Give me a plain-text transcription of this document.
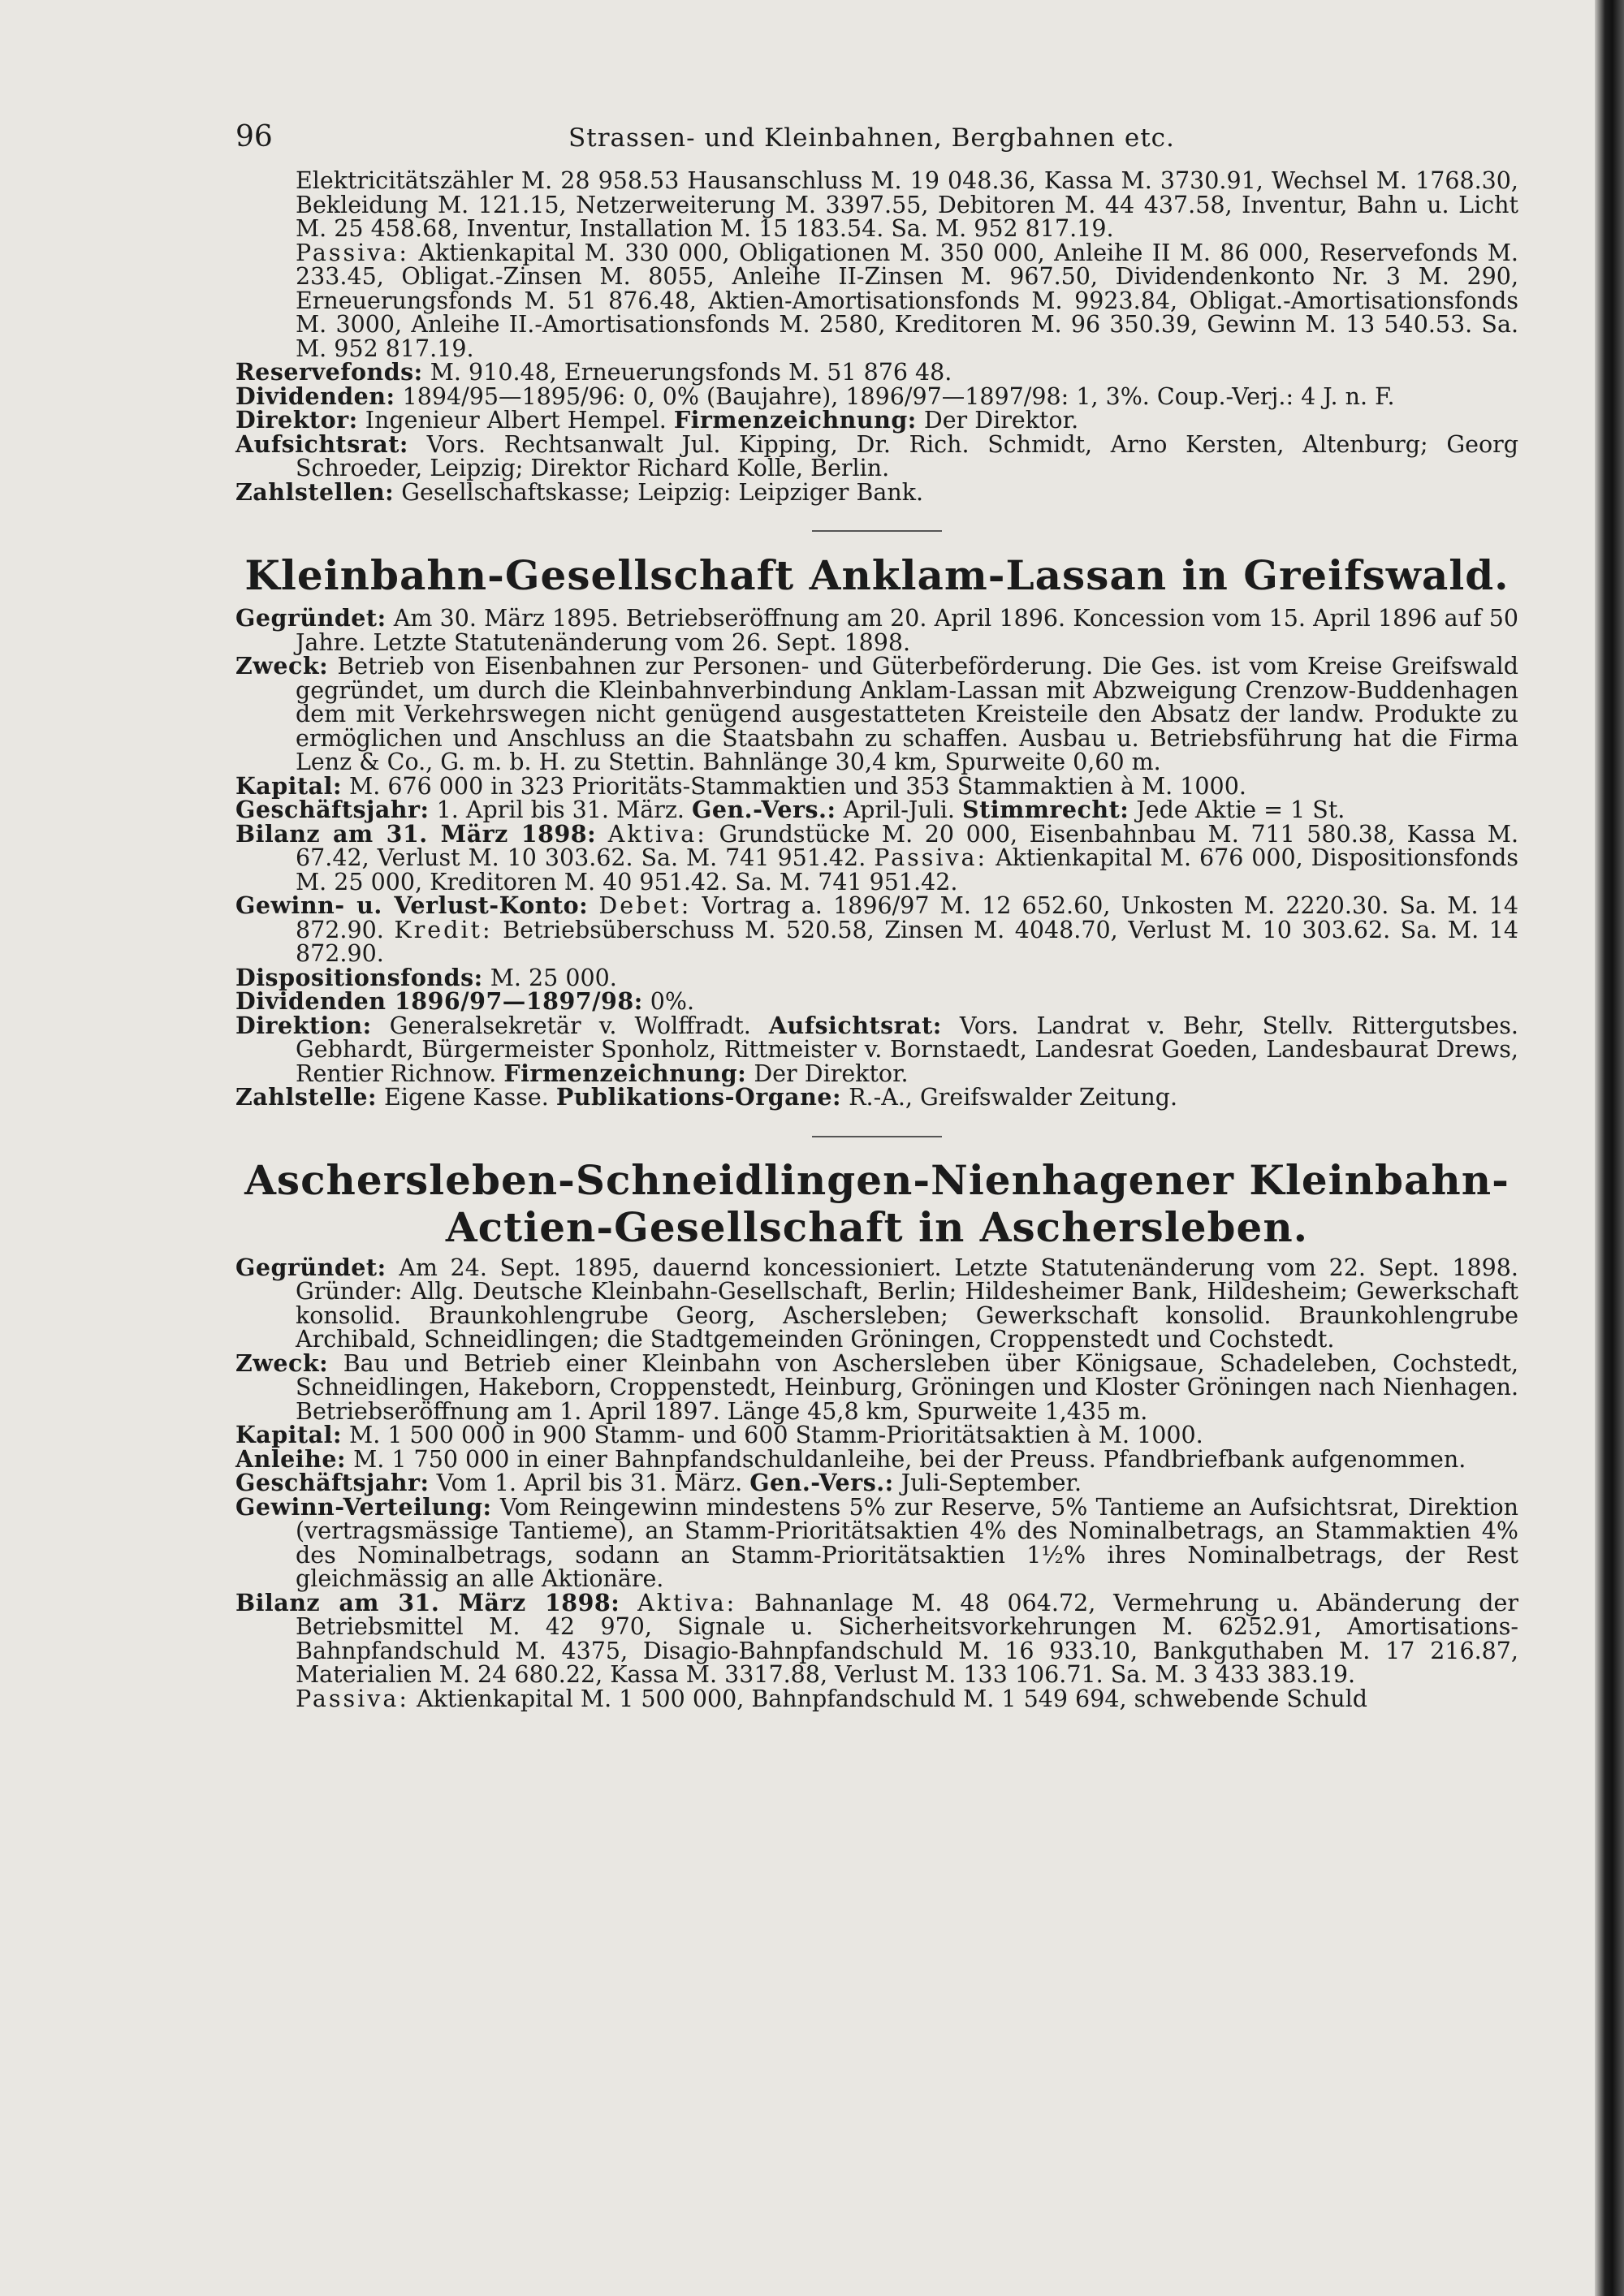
96	Strassen- und Kleinbahnen, Bergbahnen etc.

Elektricitätszähler M. 28 958.53 Hausanschluss M. 19 048.36, Kassa M. 3730.91, Wechsel M. 1768.30, Bekleidung M. 121.15, Netzerweiterung M. 3397.55, Debitoren M. 44 437.58, Inventur, Bahn u. Licht M. 25 458.68, Inventur, Installation M. 15 183.54. Sa. M. 952 817.19.

Passiva: Aktienkapital M. 330 000, Obligationen M. 350 000, Anleihe II M. 86 000, Reservefonds M. 233.45, Obligat.-Zinsen M. 8055, Anleihe II-Zinsen M. 967.50, Dividendenkonto Nr. 3 M. 290, Erneuerungsfonds M. 51 876.48, Aktien-Amortisationsfonds M. 9923.84, Obligat.-Amortisationsfonds M. 3000, Anleihe II.-Amortisationsfonds M. 2580, Kreditoren M. 96 350.39, Gewinn M. 13 540.53. Sa. M. 952 817.19.

Reservefonds: M. 910.48, Erneuerungsfonds M. 51 876 48.

Dividenden: 1894/95—1895/96: 0, 0% (Baujahre), 1896/97—1897/98: 1, 3%. Coup.-Verj.: 4 J. n. F.

Direktor: Ingenieur Albert Hempel. Firmenzeichnung: Der Direktor.

Aufsichtsrat: Vors. Rechtsanwalt Jul. Kipping, Dr. Rich. Schmidt, Arno Kersten, Altenburg; Georg Schroeder, Leipzig; Direktor Richard Kolle, Berlin.

Zahlstellen: Gesellschaftskasse; Leipzig: Leipziger Bank.

Kleinbahn-Gesellschaft Anklam-Lassan in Greifswald.

Gegründet: Am 30. März 1895. Betriebseröffnung am 20. April 1896. Koncession vom 15. April 1896 auf 50 Jahre. Letzte Statutenänderung vom 26. Sept. 1898.

Zweck: Betrieb von Eisenbahnen zur Personen- und Güterbeförderung. Die Ges. ist vom Kreise Greifswald gegründet, um durch die Kleinbahnverbindung Anklam-Lassan mit Abzweigung Crenzow-Buddenhagen dem mit Verkehrswegen nicht genügend ausgestatteten Kreisteile den Absatz der landw. Produkte zu ermöglichen und Anschluss an die Staatsbahn zu schaffen. Ausbau u. Betriebsführung hat die Firma Lenz & Co., G. m. b. H. zu Stettin. Bahnlänge 30,4 km, Spurweite 0,60 m.

Kapital: M. 676 000 in 323 Prioritäts-Stammaktien und 353 Stammaktien à M. 1000.

Geschäftsjahr: 1. April bis 31. März. Gen.-Vers.: April-Juli. Stimmrecht: Jede Aktie = 1 St.

Bilanz am 31. März 1898: Aktiva: Grundstücke M. 20 000, Eisenbahnbau M. 711 580.38, Kassa M. 67.42, Verlust M. 10 303.62. Sa. M. 741 951.42. Passiva: Aktienkapital M. 676 000, Dispositionsfonds M. 25 000, Kreditoren M. 40 951.42. Sa. M. 741 951.42.

Gewinn- u. Verlust-Konto: Debet: Vortrag a. 1896/97 M. 12 652.60, Unkosten M. 2220.30. Sa. M. 14 872.90. Kredit: Betriebsüberschuss M. 520.58, Zinsen M. 4048.70, Verlust M. 10 303.62. Sa. M. 14 872.90.

Dispositionsfonds: M. 25 000.

Dividenden 1896/97—1897/98: 0%.

Direktion: Generalsekretär v. Wolffradt. Aufsichtsrat: Vors. Landrat v. Behr, Stellv. Rittergutsbes. Gebhardt, Bürgermeister Sponholz, Rittmeister v. Bornstaedt, Landesrat Goeden, Landesbaurat Drews, Rentier Richnow. Firmenzeichnung: Der Direktor.

Zahlstelle: Eigene Kasse. Publikations-Organe: R.-A., Greifswalder Zeitung.

Aschersleben-Schneidlingen-Nienhagener Kleinbahn-
Actien-Gesellschaft in Aschersleben.

Gegründet: Am 24. Sept. 1895, dauernd koncessioniert. Letzte Statutenänderung vom 22. Sept. 1898. Gründer: Allg. Deutsche Kleinbahn-Gesellschaft, Berlin; Hildesheimer Bank, Hildesheim; Gewerkschaft konsolid. Braunkohlengrube Georg, Aschersleben; Gewerkschaft konsolid. Braunkohlengrube Archibald, Schneidlingen; die Stadtgemeinden Gröningen, Croppenstedt und Cochstedt.

Zweck: Bau und Betrieb einer Kleinbahn von Aschersleben über Königsaue, Schadeleben, Cochstedt, Schneidlingen, Hakeborn, Croppenstedt, Heinburg, Gröningen und Kloster Gröningen nach Nienhagen. Betriebseröffnung am 1. April 1897. Länge 45,8 km, Spurweite 1,435 m.

Kapital: M. 1 500 000 in 900 Stamm- und 600 Stamm-Prioritätsaktien à M. 1000.

Anleihe: M. 1 750 000 in einer Bahnpfandschuldanleihe, bei der Preuss. Pfandbriefbank aufgenommen.

Geschäftsjahr: Vom 1. April bis 31. März. Gen.-Vers.: Juli-September.

Gewinn-Verteilung: Vom Reingewinn mindestens 5% zur Reserve, 5% Tantieme an Aufsichtsrat, Direktion (vertragsmässige Tantieme), an Stamm-Prioritätsaktien 4% des Nominalbetrags, an Stammaktien 4% des Nominalbetrags, sodann an Stamm-Prioritätsaktien 1½% ihres Nominalbetrags, der Rest gleichmässig an alle Aktionäre.

Bilanz am 31. März 1898: Aktiva: Bahnanlage M. 48 064.72, Vermehrung u. Abänderung der Betriebsmittel M. 42 970, Signale u. Sicherheitsvorkehrungen M. 6252.91, Amortisations-Bahnpfandschuld M. 4375, Disagio-Bahnpfandschuld M. 16 933.10, Bankguthaben M. 17 216.87, Materialien M. 24 680.22, Kassa M. 3317.88, Verlust M. 133 106.71. Sa. M. 3 433 383.19.

Passiva: Aktienkapital M. 1 500 000, Bahnpfandschuld M. 1 549 694, schwebende Schuld
